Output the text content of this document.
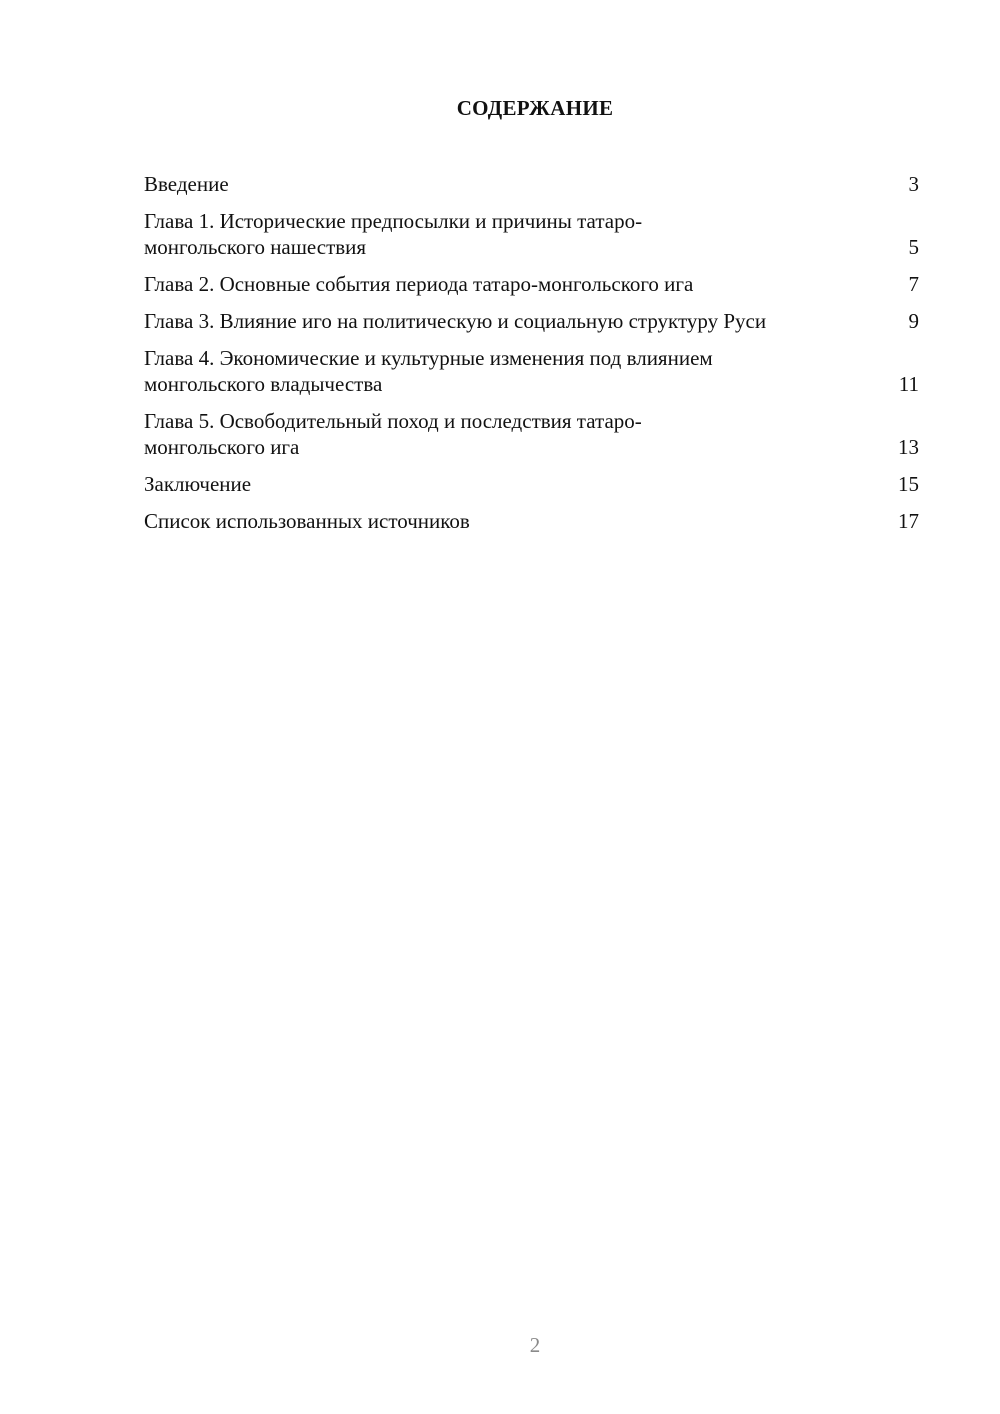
СОДЕРЖАНИЕ
Введение	3
Глава 1. Исторические предпосылки и причины татаро-монгольского нашествия	5
Глава 2. Основные события периода татаро-монгольского ига	7
Глава 3. Влияние иго на политическую и социальную структуру Руси	9
Глава 4. Экономические и культурные изменения под влиянием монгольского владычества	11
Глава 5. Освободительный поход и последствия татаро-монгольского ига	13
Заключение	15
Список использованных источников	17
2
